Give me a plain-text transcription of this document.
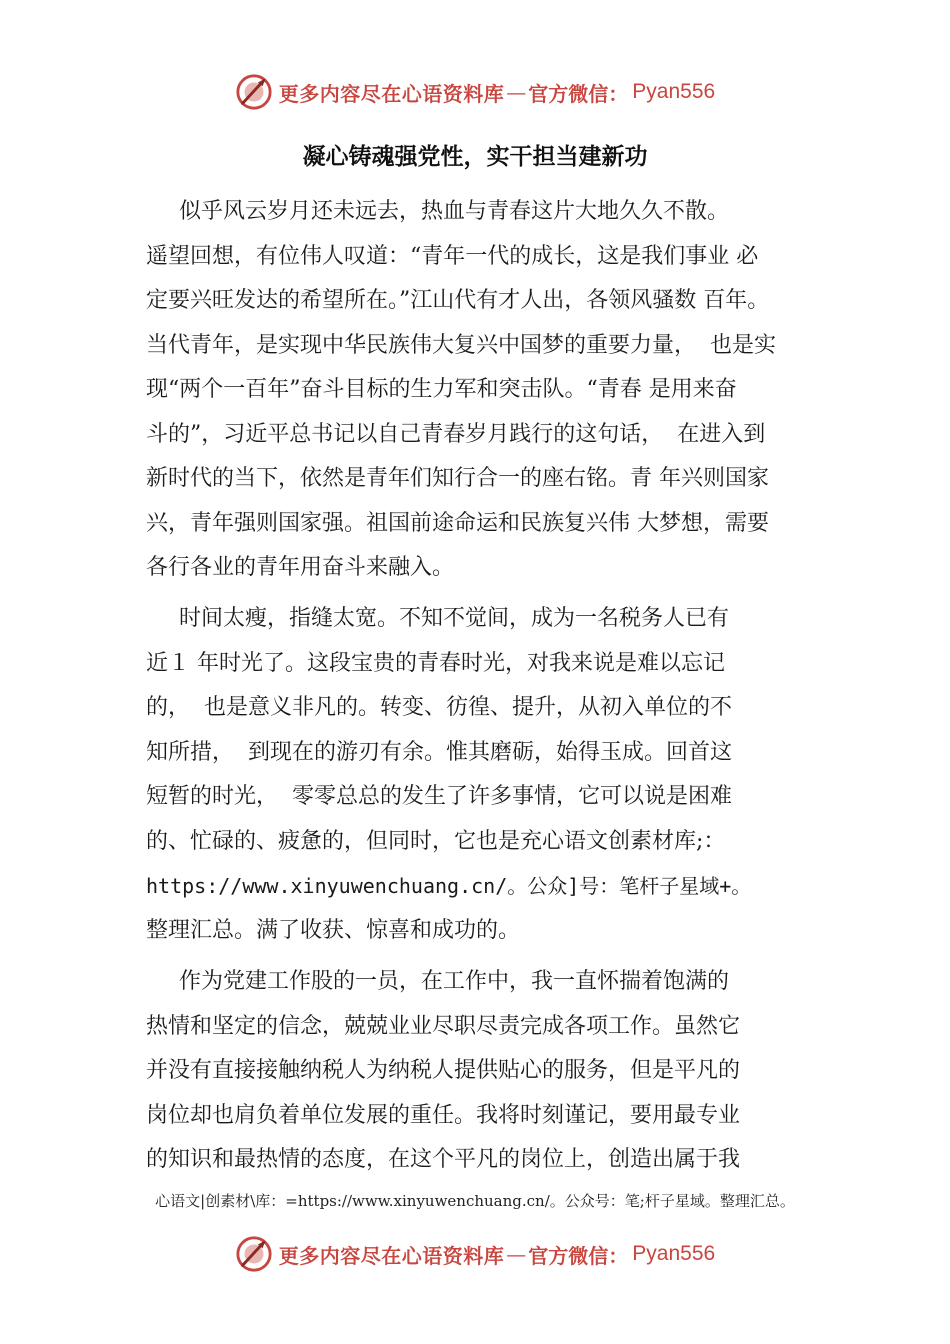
更多内容尽在心语资料库 — 官方微信： Pyan556
凝心铸魂强党性，实干担当建新功
似乎风云岁月还未远去，热血与青春这片大地久久不散。
遥望回想，有位伟人叹道：“青年一代的成长，这是我们事业 必
定要兴旺发达的希望所在。”江山代有才人出，各领风骚数 百年。
当代青年，是实现中华民族伟大复兴中国梦的重要力量，  也是实
现“两个一百年”奋斗目标的生力军和突击队。“青春 是用来奋
斗的”，习近平总书记以自己青春岁月践行的这句话，  在进入到
新时代的当下，依然是青年们知行合一的座右铭。青 年兴则国家
兴，青年强则国家强。祖国前途命运和民族复兴伟 大梦想，需要
各行各业的青年用奋斗来融入。
时间太瘦，指缝太宽。不知不觉间，成为一名税务人已有
近１ 年时光了。这段宝贵的青春时光，对我来说是难以忘记
的，  也是意义非凡的。转变、彷徨、提升，从初入单位的不
知所措，  到现在的游刃有余。惟其磨砺，始得玉成。回首这
短暂的时光，  零零总总的发生了许多事情，它可以说是困难
的、忙碌的、疲惫的，但同时，它也是充心语文创素材库;：
https://www.xinyuwenchuang.cn/。公众]号：笔杆子星域+。
整理汇总。满了收获、惊喜和成功的。
作为党建工作股的一员，在工作中，我一直怀揣着饱满的
热情和坚定的信念，兢兢业业尽职尽责完成各项工作。虽然它
并没有直接接触纳税人为纳税人提供贴心的服务，但是平凡的
岗位却也肩负着单位发展的重任。我将时刻谨记，要用最专业
的知识和最热情的态度，在这个平凡的岗位上，创造出属于我
心语文|创素材\库：=https://www.xinyuwenchuang.cn/。公众号：笔;杆子星域。整理汇总。
更多内容尽在心语资料库 — 官方微信： Pyan556
